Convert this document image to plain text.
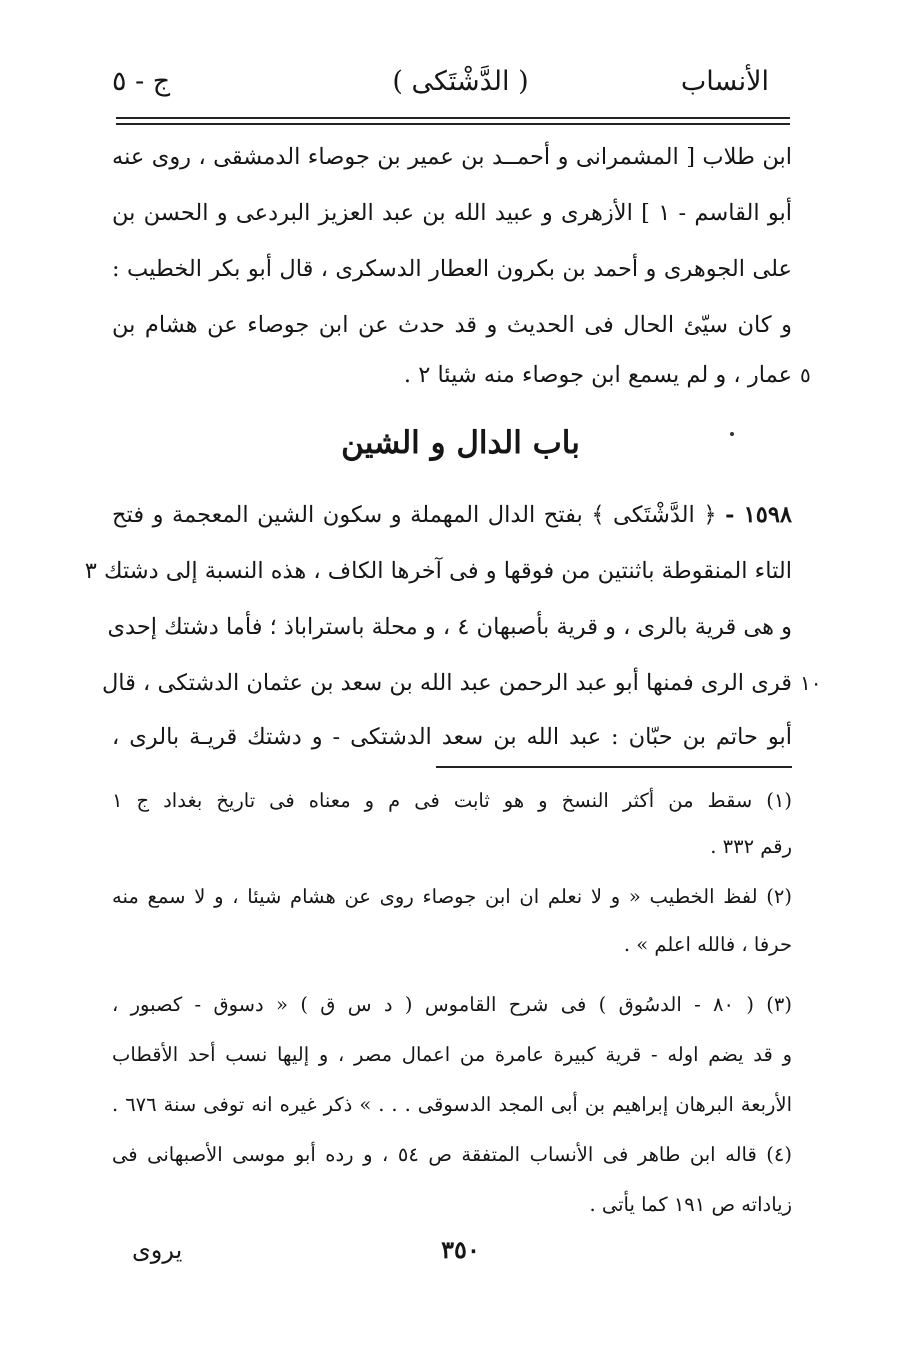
الأنساب
( الدَّشْتَكى )
ج - ٥
ابن طلاب [ المشمرانى و أحمــد بن عمير بن جوصاء الدمشقى ، روى عنه
أبو القاسم - ١ ] الأزهرى و عبيد الله بن عبد العزيز البردعى و الحسن بن
على الجوهرى و أحمد بن بكرون العطار الدسكرى ، قال أبو بكر الخطيب :
و كان سيّئ الحال فى الحديث و قد حدث عن ابن جوصاء عن هشام بن
عمار ، و لم يسمع ابن جوصاء منه شيئا ٢ . ٥
باب الدال و الشين
١٥٩٨ - ﴿ الدَّشْتَكى ﴾ بفتح الدال المهملة و سكون الشين المعجمة و فتح
التاء المنقوطة باثنتين من فوقها و فى آخرها الكاف ، هذه النسبة إلى دشتك ٣
و هى قرية بالرى ، و قرية بأصبهان ٤ ، و محلة باستراباذ ؛ فأما دشتك إحدى
قرى الرى فمنها أبو عبد الرحمن عبد الله بن سعد بن عثمان الدشتكى ، قال
أبو حاتم بن حبّان : عبد الله بن سعد الدشتكى - و دشتك قريـة بالرى ،
١٠
(١) سقط من أكثر النسخ و هو ثابت فى م و معناه فى تاريخ بغداد ج ١
رقم ٣٣٢ .
(٢) لفظ الخطيب « و لا نعلم ان ابن جوصاء روى عن هشام شيئا ، و لا سمع منه
حرفا ، فالله اعلم » .
(٣) ( ٨٠ - الدسُوق ) فى شرح القاموس ( د س ق ) « دسوق - كصبور ،
و قد يضم اوله - قرية كبيرة عامرة من اعمال مصر ، و إليها نسب أحد الأقطاب
الأربعة البرهان إبراهيم بن أبى المجد الدسوقى . . . » ذكر غيره انه توفى سنة ٦٧٦ .
(٤) قاله ابن طاهر فى الأنساب المتفقة ص ٥٤ ، و رده أبو موسى الأصبهانى فى
زياداته ص ١٩١ كما يأتى .
٣٥٠
يروى
